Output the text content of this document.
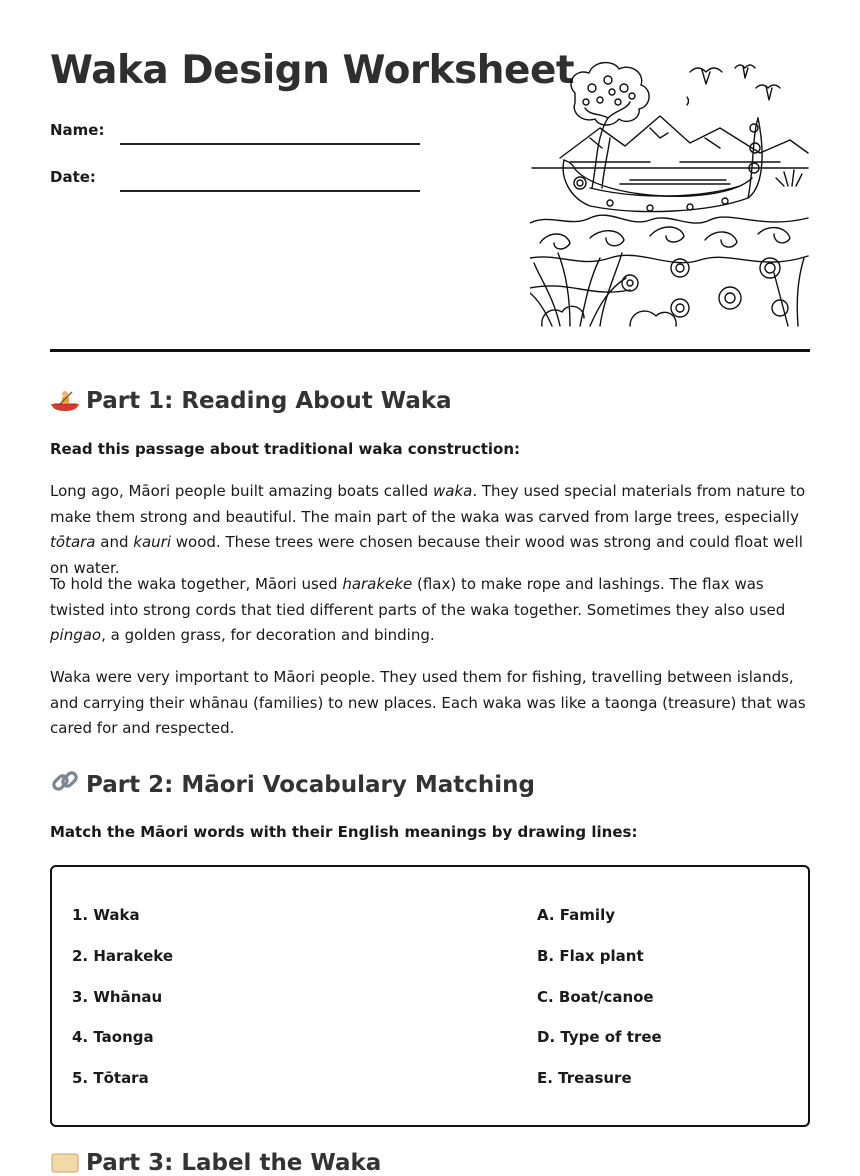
Waka Design Worksheet
Name:
Date:
Part 1: Reading About Waka

Read this passage about traditional waka construction:

Long ago, Māori people built amazing boats called waka. They used special materials from nature to make them strong and beautiful. The main part of the waka was carved from large trees, especially tōtara and kauri wood. These trees were chosen because their wood was strong and could float well on water.

To hold the waka together, Māori used harakeke (flax) to make rope and lashings. The flax was twisted into strong cords that tied different parts of the waka together. Sometimes they also used pingao, a golden grass, for decoration and binding.

Waka were very important to Māori people. They used them for fishing, travelling between islands, and carrying their whānau (families) to new places. Each waka was like a taonga (treasure) that was cared for and respected.

Part 2: Māori Vocabulary Matching

Match the Māori words with their English meanings by drawing lines:

1. Waka
2. Harakeke
3. Whānau
4. Taonga
5. Tōtara
A. Family
B. Flax plant
C. Boat/canoe
D. Type of tree
E. Treasure
Part 3: Label the Waka
